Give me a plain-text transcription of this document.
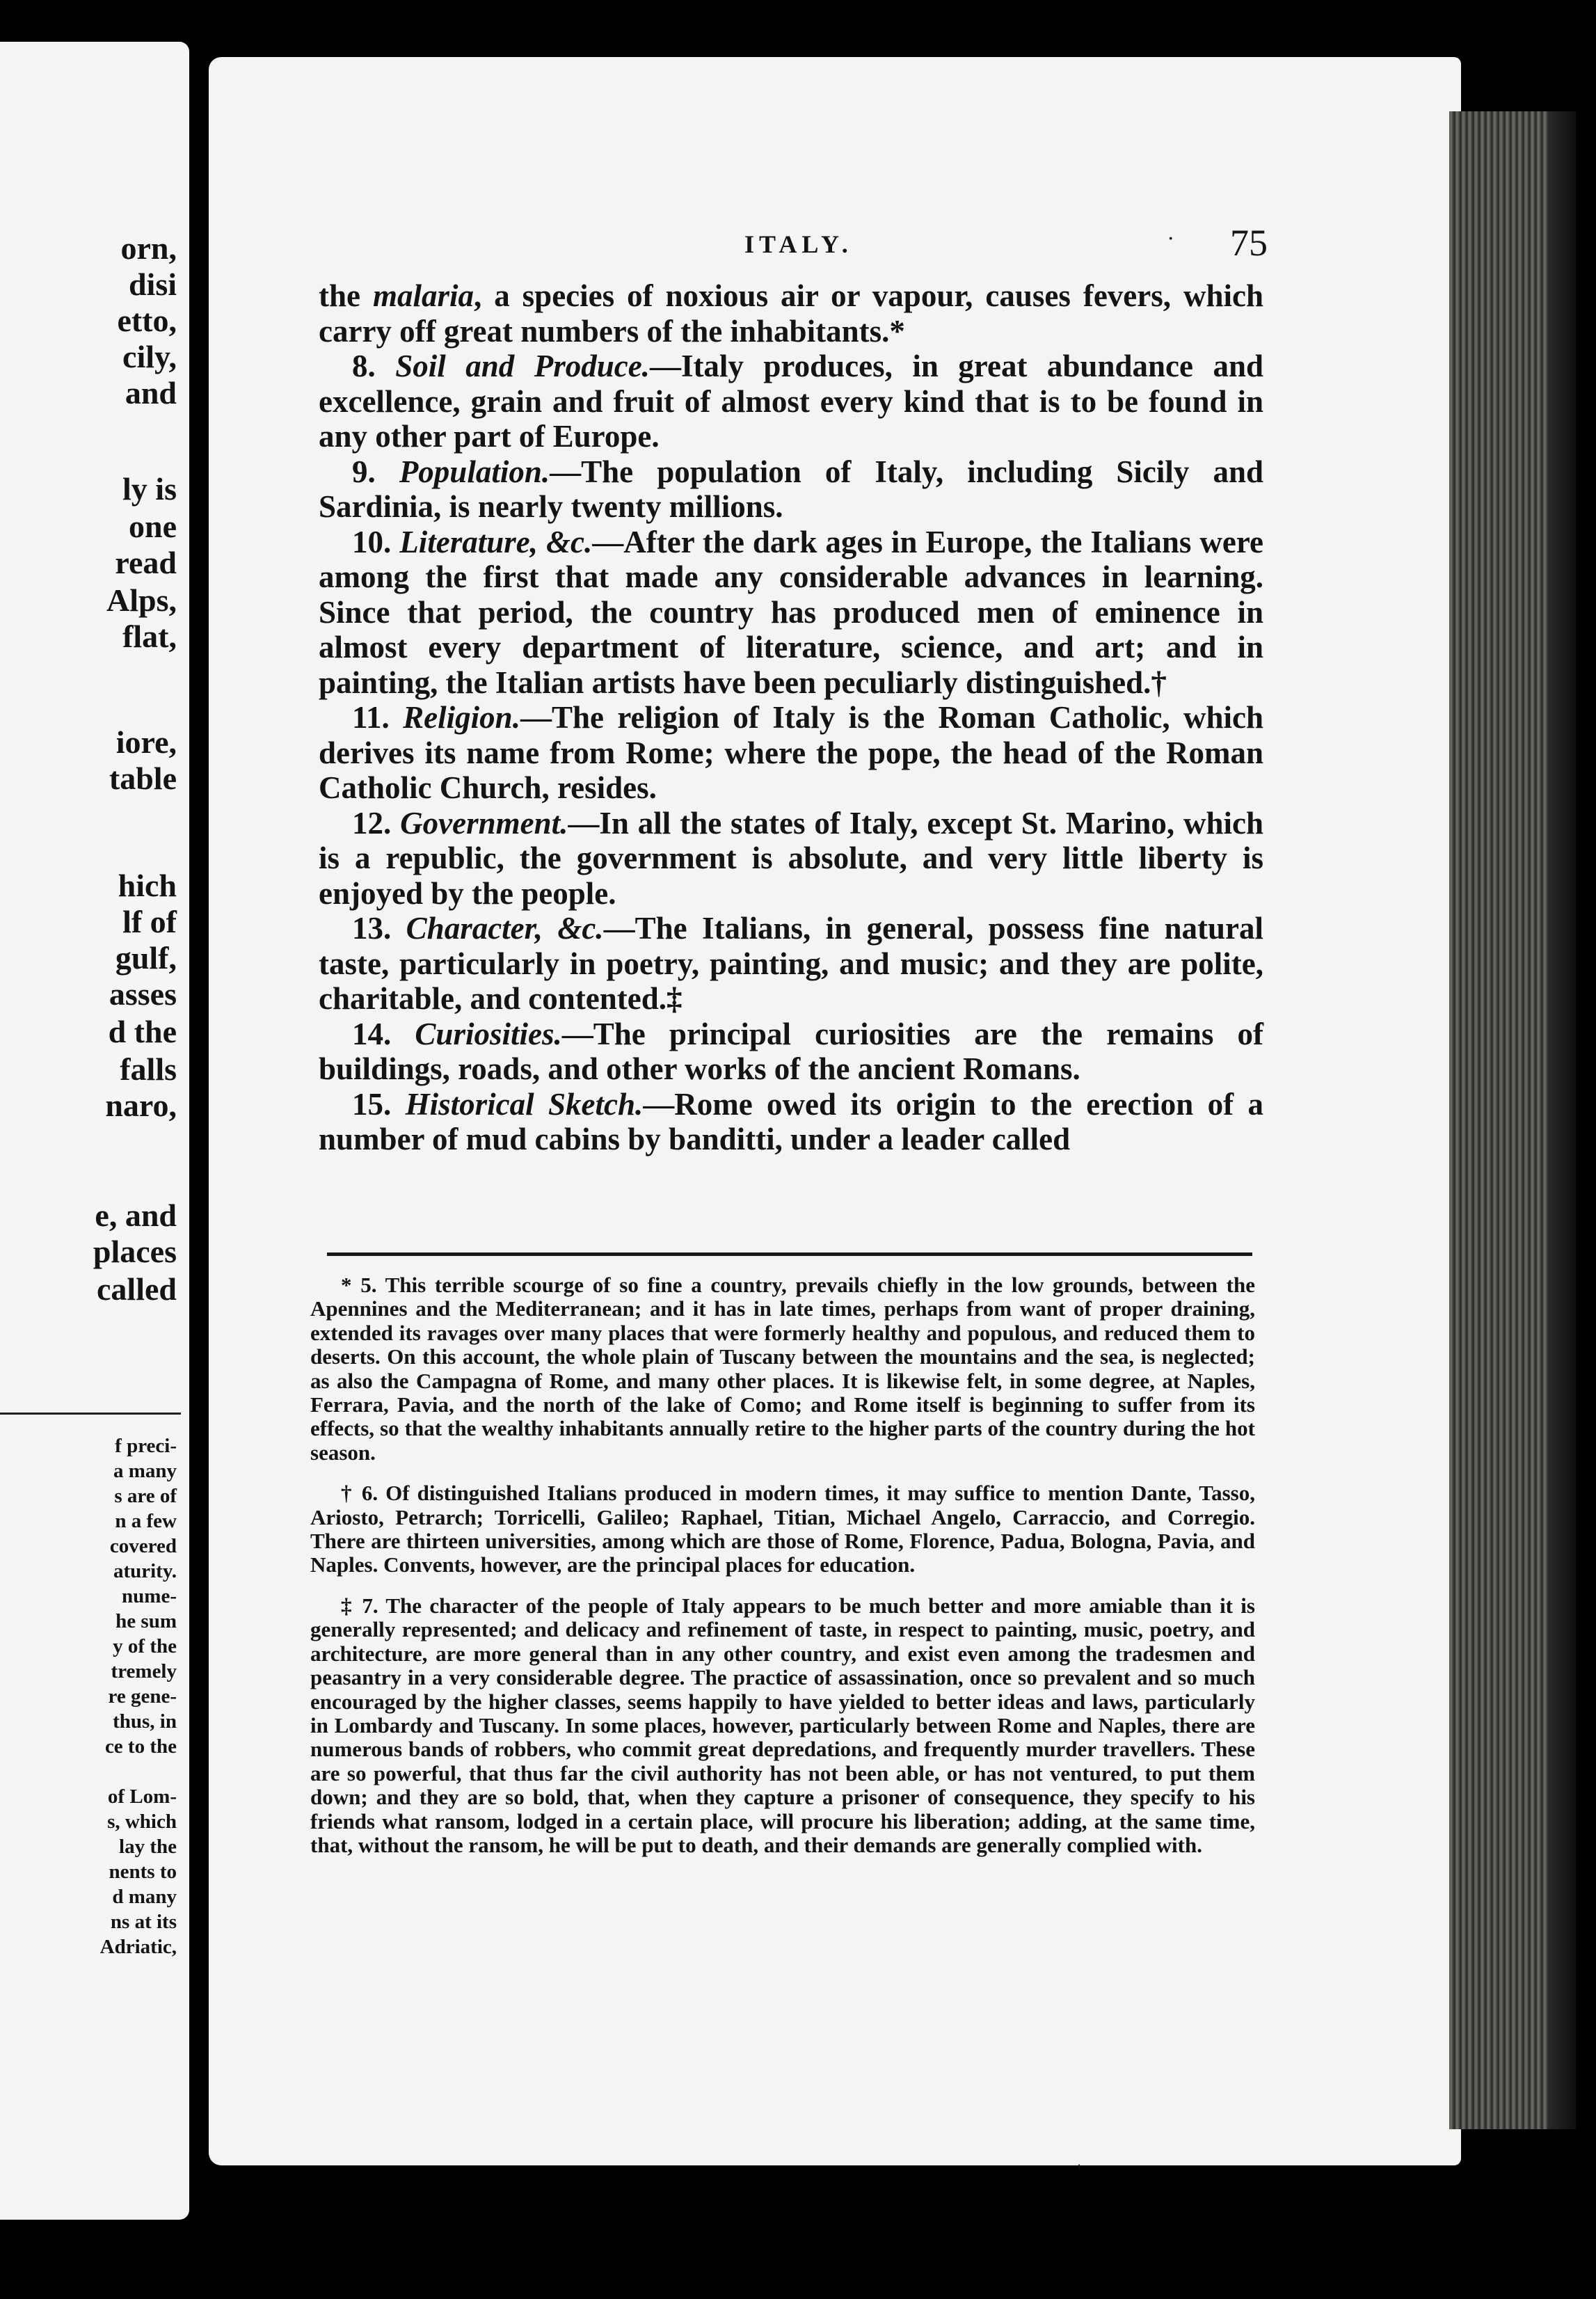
orn,
disi
etto,
cily,
and
ly is
one
read
Alps,
flat,
iore,
table
hich
lf of
gulf,
asses
d the
falls
naro,
e, and
places
called
f preci-
a many
s are of
n a few
covered
aturity.
nume-
he sum
y of the
tremely
re gene-
thus, in
ce to the
of Lom-
s, which
lay the
nents to
d many
ns at its
Adriatic,
ITALY.	· 75

the malaria, a species of noxious air or vapour, causes fevers, which carry off great numbers of the inhabitants.*

8. Soil and Produce.—Italy produces, in great abundance and excellence, grain and fruit of almost every kind that is to be found in any other part of Europe.

9. Population.—The population of Italy, including Sicily and Sardinia, is nearly twenty millions.

10. Literature, &c.—After the dark ages in Europe, the Italians were among the first that made any considerable advances in learning. Since that period, the country has produced men of eminence in almost every department of literature, science, and art; and in painting, the Italian artists have been peculiarly distinguished.†

11. Religion.—The religion of Italy is the Roman Catholic, which derives its name from Rome; where the pope, the head of the Roman Catholic Church, resides.

12. Government.—In all the states of Italy, except St. Marino, which is a republic, the government is absolute, and very little liberty is enjoyed by the people.

13. Character, &c.—The Italians, in general, possess fine natural taste, particularly in poetry, painting, and music; and they are polite, charitable, and contented.‡

14. Curiosities.—The principal curiosities are the remains of buildings, roads, and other works of the ancient Romans.

15. Historical Sketch.—Rome owed its origin to the erection of a number of mud cabins by banditti, under a leader called

* 5. This terrible scourge of so fine a country, prevails chiefly in the low grounds, between the Apennines and the Mediterranean; and it has in late times, perhaps from want of proper draining, extended its ravages over many places that were formerly healthy and populous, and reduced them to deserts. On this account, the whole plain of Tuscany between the mountains and the sea, is neglected; as also the Campagna of Rome, and many other places. It is likewise felt, in some degree, at Naples, Ferrara, Pavia, and the north of the lake of Como; and Rome itself is beginning to suffer from its effects, so that the wealthy inhabitants annually retire to the higher parts of the country during the hot season.

† 6. Of distinguished Italians produced in modern times, it may suffice to mention Dante, Tasso, Ariosto, Petrarch; Torricelli, Galileo; Raphael, Titian, Michael Angelo, Carraccio, and Corregio. There are thirteen universities, among which are those of Rome, Florence, Padua, Bologna, Pavia, and Naples. Convents, however, are the principal places for education.

‡ 7. The character of the people of Italy appears to be much better and more amiable than it is generally represented; and delicacy and refinement of taste, in respect to painting, music, poetry, and architecture, are more general than in any other country, and exist even among the tradesmen and peasantry in a very considerable degree. The practice of assassination, once so prevalent and so much encouraged by the higher classes, seems happily to have yielded to better ideas and laws, particularly in Lombardy and Tuscany. In some places, however, particularly between Rome and Naples, there are numerous bands of robbers, who commit great depredations, and frequently murder travellers. These are so powerful, that thus far the civil authority has not been able, or has not ventured, to put them down; and they are so bold, that, when they capture a prisoner of consequence, they specify to his friends what ransom, lodged in a certain place, will procure his liberation; adding, at the same time, that, without the ransom, he will be put to death, and their demands are generally complied with.

'
